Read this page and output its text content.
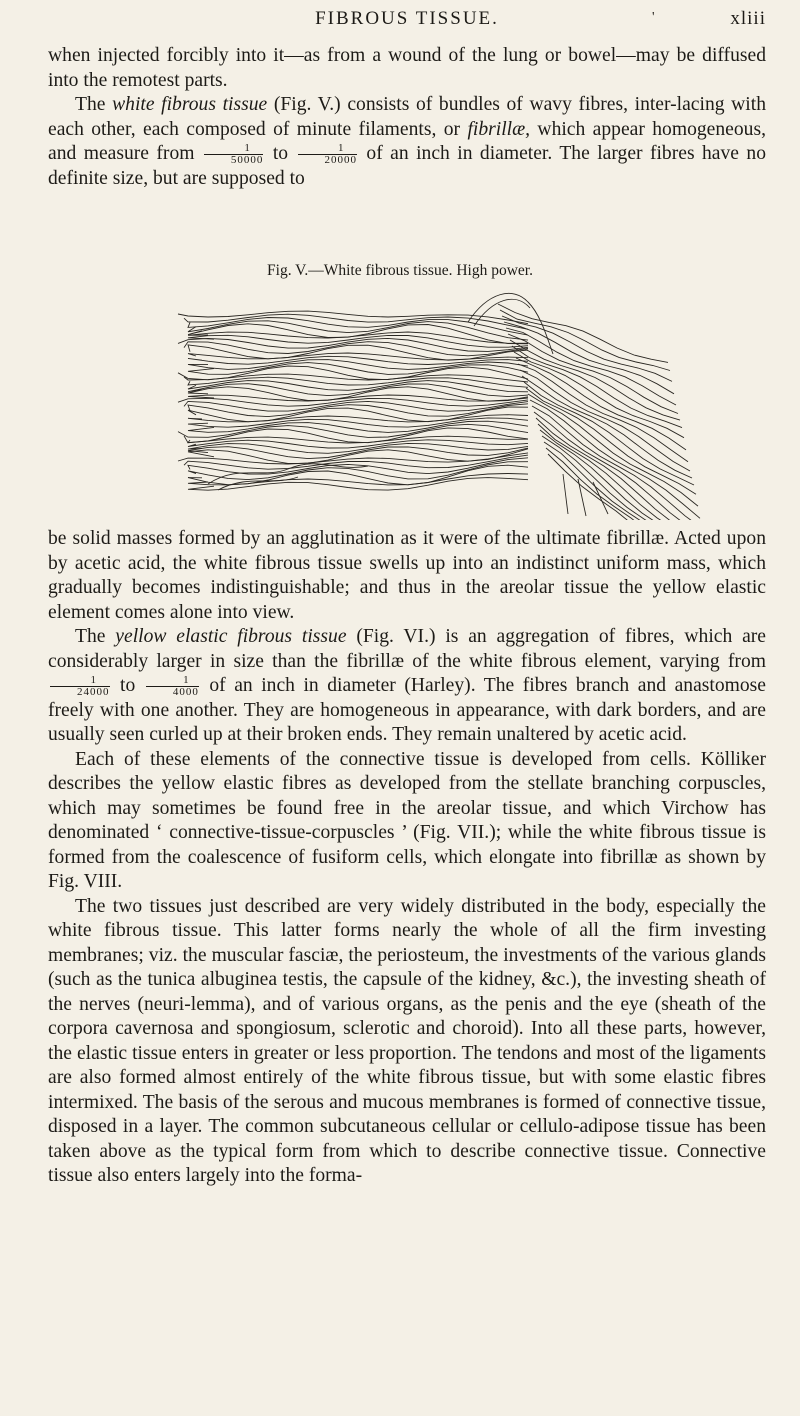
FIBROUS TISSUE.	'	xliii

when injected forcibly into it—as from a wound of the lung or bowel—may be diffused into the remotest parts.

The white fibrous tissue (Fig. V.) consists of bundles of wavy fibres, inter-lacing with each other, each composed of minute filaments, or fibrillæ, which appear homogeneous, and measure from $\frac{1}{50000}$ to $\frac{1}{20000}$ of an inch in diameter. The larger fibres have no definite size, but are supposed to

Fig. V.—White fibrous tissue. High power.

be solid masses formed by an agglutination as it were of the ultimate fibrillæ. Acted upon by acetic acid, the white fibrous tissue swells up into an indistinct uniform mass, which gradually becomes indistinguishable; and thus in the areolar tissue the yellow elastic element comes alone into view.

The yellow elastic fibrous tissue (Fig. VI.) is an aggregation of fibres, which are considerably larger in size than the fibrillæ of the white fibrous element, varying from
$\frac{1}{24000}$ to $\frac{1}{4000}$ of an inch in diameter (Harley). The fibres branch and anastomose freely with one another. They are homogeneous in appearance, with dark borders, and are usually seen curled up at their broken ends. They remain unaltered by acetic acid.

Each of these elements of the connective tissue is developed from cells. Kölliker describes the yellow elastic fibres as developed from the stellate branching corpuscles, which may sometimes be found free in the areolar tissue, and which Virchow has denominated ‘ connective-tissue-corpuscles ’ (Fig. VII.); while the white fibrous tissue is formed from the coalescence of fusiform cells, which elongate into fibrillæ as shown by Fig. VIII.

The two tissues just described are very widely distributed in the body, especially the white fibrous tissue. This latter forms nearly the whole of all the firm investing membranes; viz. the muscular fasciæ, the periosteum, the investments of the various glands (such as the tunica albuginea testis, the capsule of the kidney, &c.), the investing sheath of the nerves (neuri-lemma), and of various organs, as the penis and the eye (sheath of the corpora cavernosa and spongiosum, sclerotic and choroid). Into all these parts, however, the elastic tissue enters in greater or less proportion. The tendons and most of the ligaments are also formed almost entirely of the white fibrous tissue, but with some elastic fibres intermixed. The basis of the serous and mucous membranes is formed of connective tissue, disposed in a layer. The common subcutaneous cellular or cellulo-adipose tissue has been taken above as the typical form from which to describe connective tissue. Connective tissue also enters largely into the forma-
